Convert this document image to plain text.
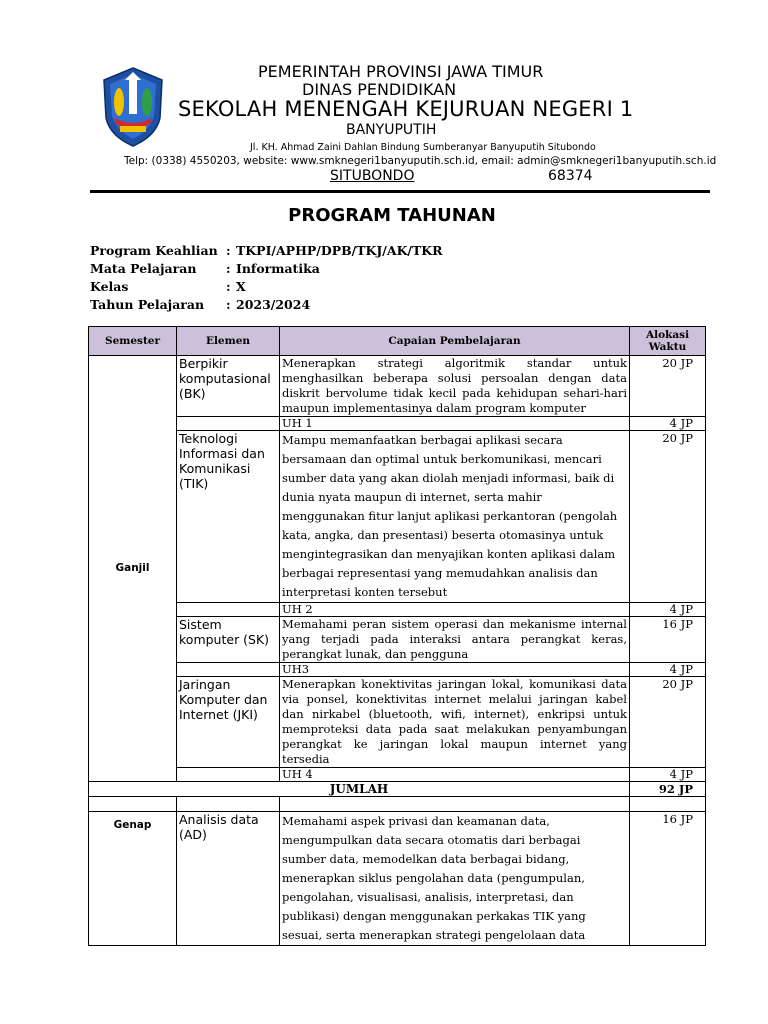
PEMERINTAH PROVINSI JAWA TIMUR
DINAS PENDIDIKAN
SEKOLAH MENENGAH KEJURUAN NEGERI 1
BANYUPUTIH
Jl. KH. Ahmad Zaini Dahlan Bindung Sumberanyar Banyuputih Situbondo
Telp: (0338) 4550203, website: www.smknegeri1banyuputih.sch.id, email: admin@smknegeri1banyuputih.sch.id
SITUBONDO	68374
PROGRAM TAHUNAN
Program Keahlian : TKPI/APHP/DPB/TKJ/AK/TKR
Mata Pelajaran : Informatika
Kelas	: X
Tahun Pelajaran : 2023/2024
Semester	Elemen	Capaian Pembelajaran	Alokasi Waktu
Ganjil	Berpikir komputasional (BK)	Menerapkan strategi algoritmik standar untuk menghasilkan beberapa solusi persoalan dengan data diskrit bervolume tidak kecil pada kehidupan sehari-hari maupun implementasinya dalam program komputer	20 JP
		UH 1	4 JP
	Teknologi Informasi dan Komunikasi (TIK)	Mampu memanfaatkan berbagai aplikasi secara bersamaan dan optimal untuk berkomunikasi, mencari sumber data yang akan diolah menjadi informasi, baik di dunia nyata maupun di internet, serta mahir menggunakan fitur lanjut aplikasi perkantoran (pengolah kata, angka, dan presentasi) beserta otomasinya untuk mengintegrasikan dan menyajikan konten aplikasi dalam berbagai representasi yang memudahkan analisis dan interpretasi konten tersebut	20 JP
		UH 2	4 JP
	Sistem komputer (SK)	Memahami peran sistem operasi dan mekanisme internal yang terjadi pada interaksi antara perangkat keras, perangkat lunak, dan pengguna	16 JP
		UH3	4 JP
	Jaringan Komputer dan Internet (JKI)	Menerapkan konektivitas jaringan lokal, komunikasi data via ponsel, konektivitas internet melalui jaringan kabel dan nirkabel (bluetooth, wifi, internet), enkripsi untuk memproteksi data pada saat melakukan penyambungan perangkat ke jaringan lokal maupun internet yang tersedia	20 JP
		UH 4	4 JP
JUMLAH			92 JP

Genap	Analisis data (AD)	Memahami aspek privasi dan keamanan data, mengumpulkan data secara otomatis dari berbagai sumber data, memodelkan data berbagai bidang, menerapkan siklus pengolahan data (pengumpulan, pengolahan, visualisasi, analisis, interpretasi, dan publikasi) dengan menggunakan perkakas TIK yang sesuai, serta menerapkan strategi pengelolaan data	16 JP
